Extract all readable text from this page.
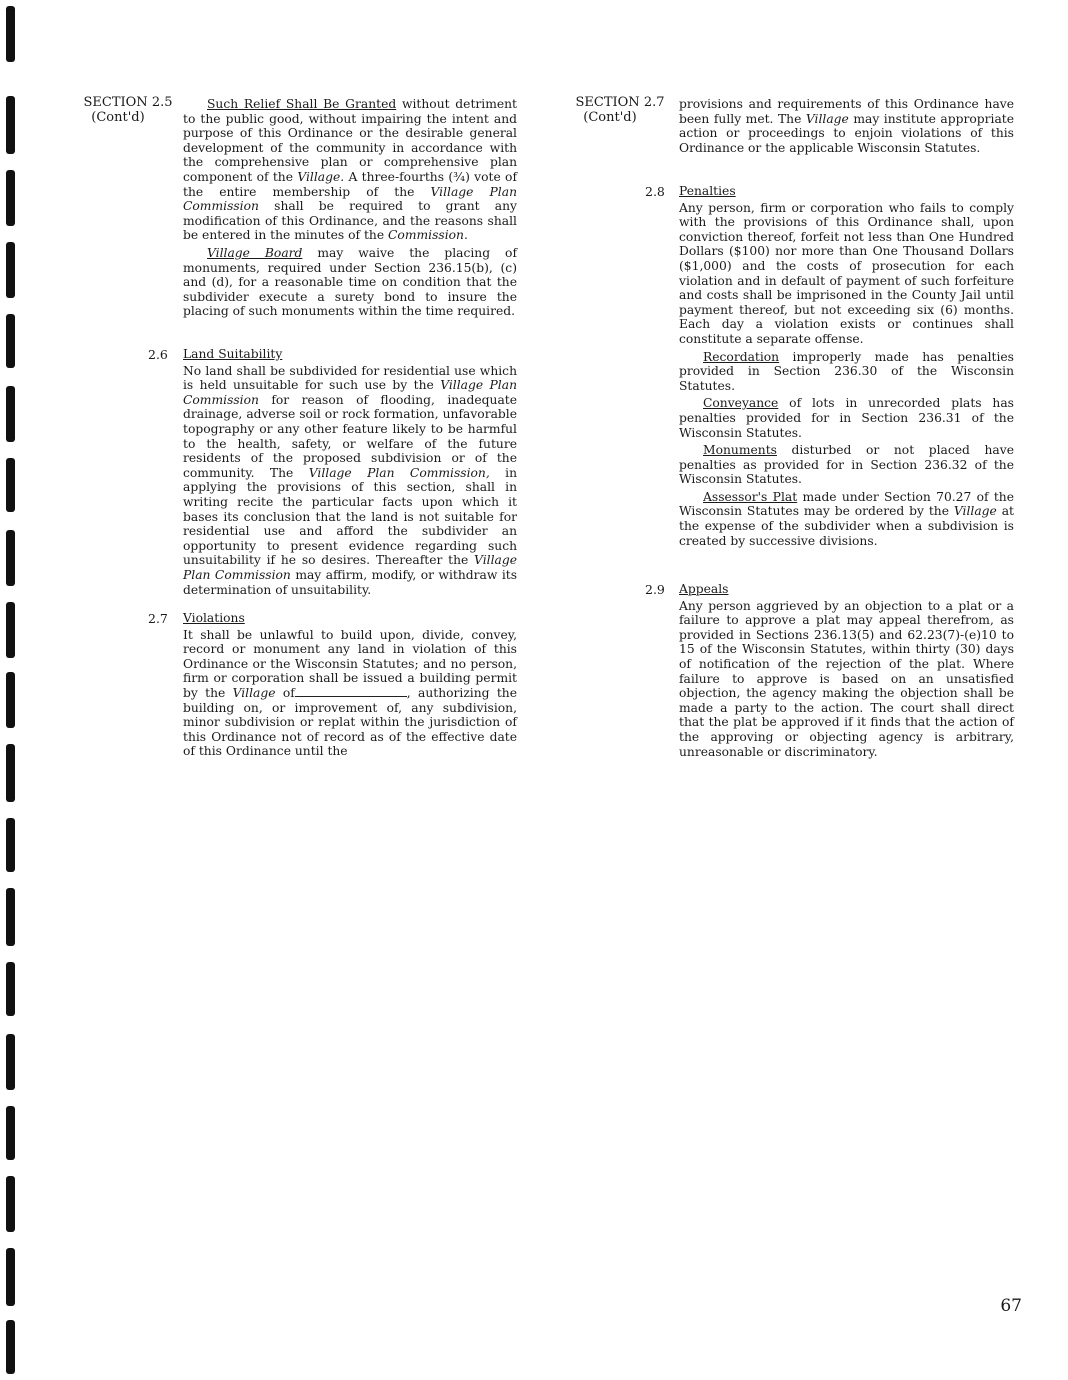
SECTION 2.5
(Cont'd)

Such Relief Shall Be Granted without detriment to the public good, without impairing the intent and purpose of this Ordinance or the desirable general development of the community in accordance with the comprehensive plan or comprehensive plan component of the Village. A three-fourths (¾) vote of the entire membership of the Village Plan Commission shall be required to grant any modification of this Ordinance, and the reasons shall be entered in the minutes of the Commission.

Village Board may waive the placing of monuments, required under Section 236.15(b), (c) and (d), for a reasonable time on condition that the subdivider execute a surety bond to insure the placing of such monuments within the time required.

2.6 Land Suitability

No land shall be subdivided for residential use which is held unsuitable for such use by the Village Plan Commission for reason of flooding, inadequate drainage, adverse soil or rock formation, unfavorable topography or any other feature likely to be harmful to the health, safety, or welfare of the future residents of the proposed subdivision or of the community. The Village Plan Commission, in applying the provisions of this section, shall in writing recite the particular facts upon which it bases its conclusion that the land is not suitable for residential use and afford the subdivider an opportunity to present evidence regarding such unsuitability if he so desires. Thereafter the Village Plan Commission may affirm, modify, or withdraw its determination of unsuitability.

2.7 Violations

It shall be unlawful to build upon, divide, convey, record or monument any land in violation of this Ordinance or the Wisconsin Statutes; and no person, firm or corporation shall be issued a building permit by the Village of	, authorizing the building on, or improvement of, any subdivision, minor subdivision or replat within the jurisdiction of this Ordinance not of record as of the effective date of this Ordinance until the

SECTION 2.7
(Cont'd)

provisions and requirements of this Ordinance have been fully met. The Village may institute appropriate action or proceedings to enjoin violations of this Ordinance or the applicable Wisconsin Statutes.

2.8 Penalties

Any person, firm or corporation who fails to comply with the provisions of this Ordinance shall, upon conviction thereof, forfeit not less than One Hundred Dollars ($100) nor more than One Thousand Dollars ($1,000) and the costs of prosecution for each violation and in default of payment of such forfeiture and costs shall be imprisoned in the County Jail until payment thereof, but not exceeding six (6) months. Each day a violation exists or continues shall constitute a separate offense.

Recordation improperly made has penalties provided in Section 236.30 of the Wisconsin Statutes.

Conveyance of lots in unrecorded plats has penalties provided for in Section 236.31 of the Wisconsin Statutes.

Monuments disturbed or not placed have penalties as provided for in Section 236.32 of the Wisconsin Statutes.

Assessor's Plat made under Section 70.27 of the Wisconsin Statutes may be ordered by the Village at the expense of the subdivider when a subdivision is created by successive divisions.

2.9 Appeals

Any person aggrieved by an objection to a plat or a failure to approve a plat may appeal therefrom, as provided in Sections 236.13(5) and 62.23(7)-(e)10 to 15 of the Wisconsin Statutes, within thirty (30) days of notification of the rejection of the plat. Where failure to approve is based on an unsatisfied objection, the agency making the objection shall be made a party to the action. The court shall direct that the plat be approved if it finds that the action of the approving or objecting agency is arbitrary, unreasonable or discriminatory.

67
